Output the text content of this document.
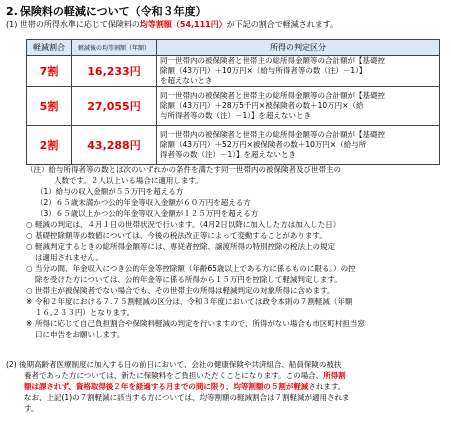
2. 保険料の軽減について（令和３年度）
(1) 世帯の所得水準に応じて保険料の均等割額（54,111円）が下記の割合で軽減されます。
軽減割合	軽減後の均等割額（年額）	所得の判定区分
7割	16,233円	同一世帯内の被保険者と世帯主の総所得金額等の合計額が【基礎控
除額（43万円）＋10万円×（給与所得者等の数（注）－1）】
を超えないとき

5割	27,055円	同一世帯内の被保険者と世帯主の総所得金額等の合計額が【基礎控
除額（43万円）＋28万5千円×被保険者の数＋10万円×（給
与所得者等の数（注）－1）】を超えないとき

2割	43,288円	同一世帯内の被保険者と世帯主の総所得金額等の合計額が【基礎控
除額（43万円）＋52万円×被保険者の数＋10万円×（給与所
得者等の数（注）－1）】を超えないとき
（注）給与所得者等の数とは次のいずれかの条件を満たす同一世帯内の被保険者及び世帯主の
人数です。２人以上いる場合に適用します。
（1）給与の収入金額が５５万円を超える方
（2）６５歳未満かつ公的年金等収入金額が６０万円を超える方
（3）６５歳以上かつ公的年金等収入金額が１２５万円を超える方
○ 軽減の判定は、４月１日の世帯状況で行います。（4月2日以降に加入した方は加入した日）
○ 基礎控除額等の数値については、今後の税法改正等によって変動することがあります。
○ 軽減判定するときの総所得金額等には、専従者控除、譲渡所得の特別控除の税法上の規定
は適用されません。
○ 当分の間、年金収入につき公的年金等控除額（年齢65歳以上である方に係るものに限る。）の控
除を受けた方については、公的年金等に係る所得から１５万円を控除して軽減判定します。
○ 世帯主が被保険者でない場合でも、その世帯主の所得は軽減判定の対象所得に含めます。
※ 令和２年度における７.７５割軽減の区分は、令和３年度においては政令本則の７割軽減（年額
１６,２３３円）となります。
※ 所得に応じて自己負担割合や保険料軽減の判定を行いますので、所得がない場合も市区町村担当窓
口に申告をお願いします。
(2) 後期高齢者医療制度に加入する日の前日において、会社の健康保険や共済組合、船員保険の被扶
養者であった方については、新たに保険料をご負担いただくことになります。この場合、所得割
額は課されず、資格取得後２年を経過する月までの間に限り、均等割額の５割が軽減されます。
なお、上記(1)の７割軽減に該当する方については、均等割額の軽減割合は７割軽減が適用されま
す。
